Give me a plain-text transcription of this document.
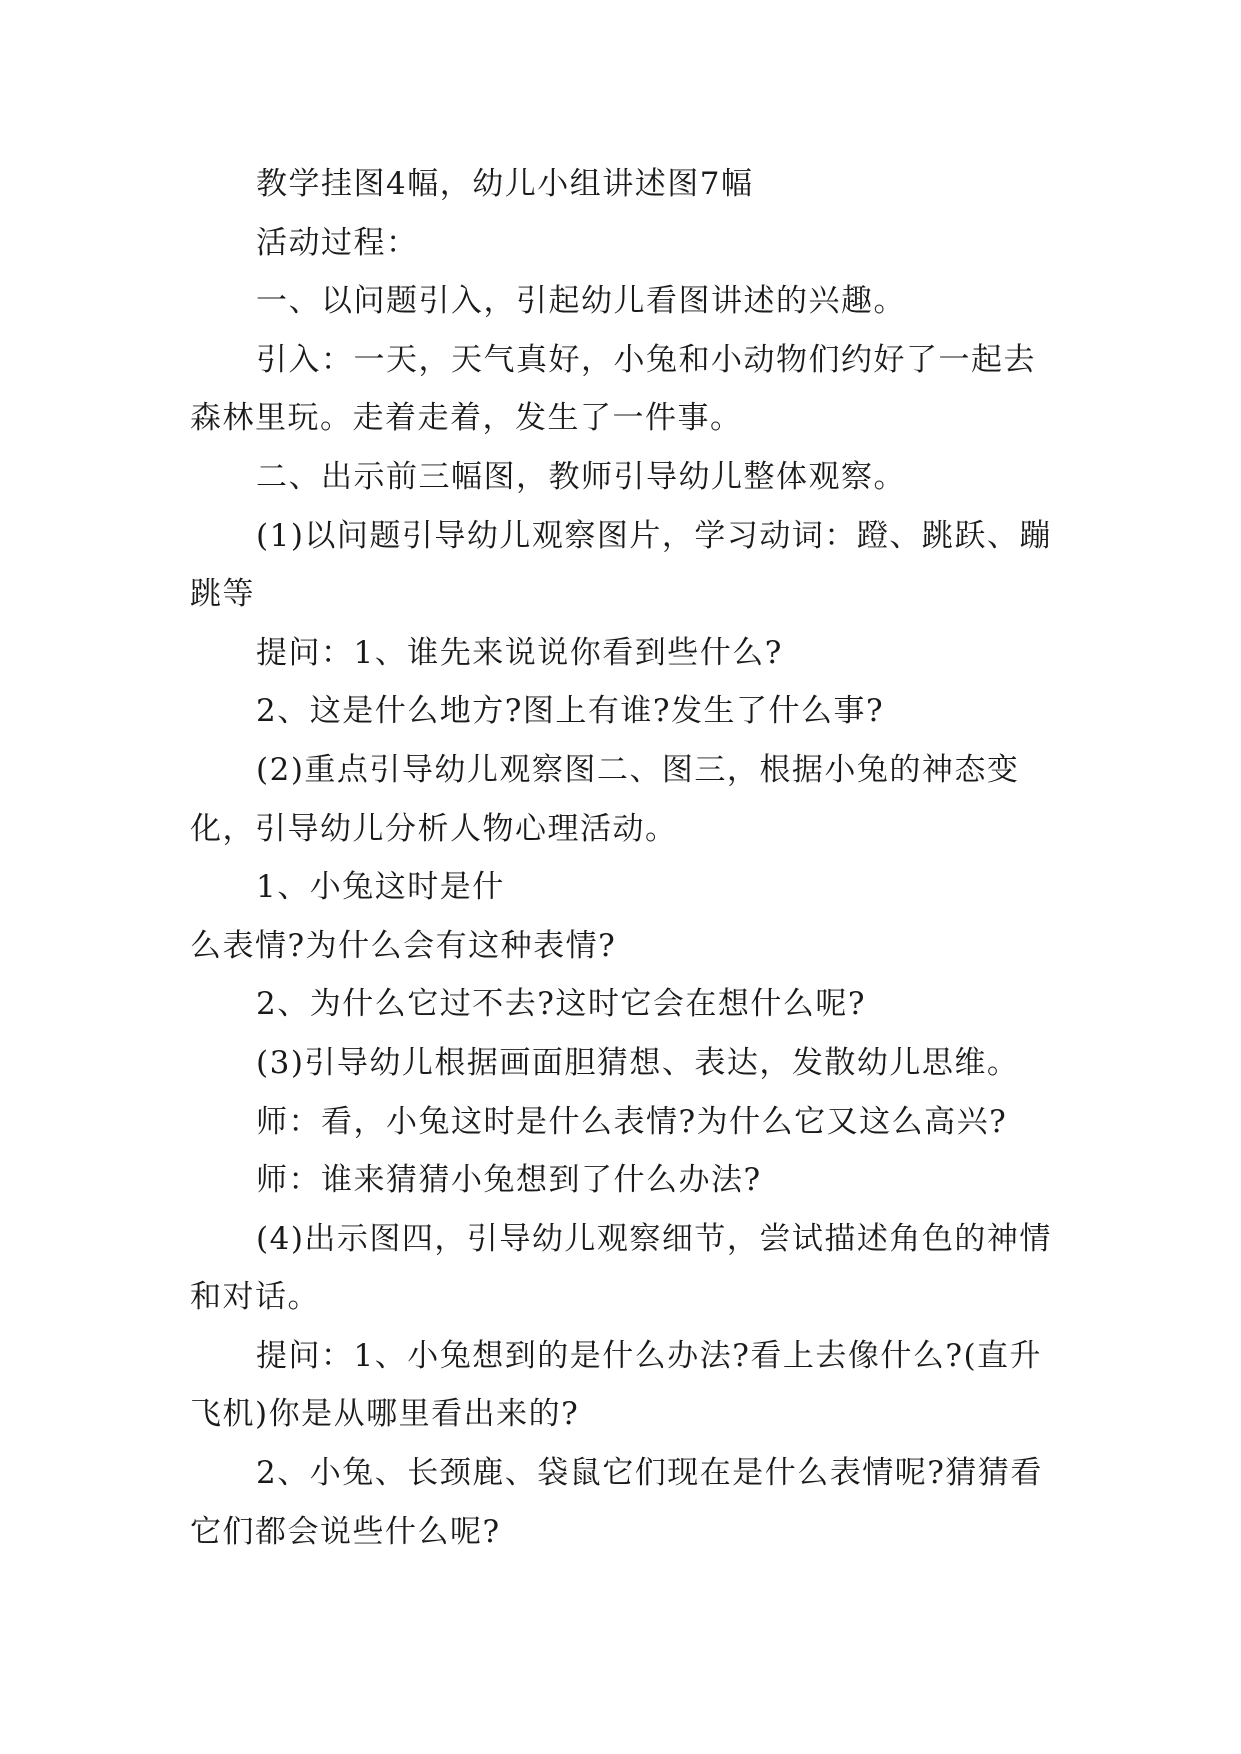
教学挂图4幅，幼儿小组讲述图7幅

活动过程：

一、以问题引入，引起幼儿看图讲述的兴趣。

引入：一天，天气真好，小兔和小动物们约好了一起去森林里玩。走着走着，发生了一件事。

二、出示前三幅图，教师引导幼儿整体观察。

(1)以问题引导幼儿观察图片，学习动词：蹬、跳跃、蹦跳等

提问：1、谁先来说说你看到些什么?

2、这是什么地方?图上有谁?发生了什么事?

(2)重点引导幼儿观察图二、图三，根据小兔的神态变化，引导幼儿分析人物心理活动。

1、小兔这时是什

么表情?为什么会有这种表情?

2、为什么它过不去?这时它会在想什么呢?

(3)引导幼儿根据画面胆猜想、表达，发散幼儿思维。

师：看，小兔这时是什么表情?为什么它又这么高兴?

师：谁来猜猜小兔想到了什么办法?

(4)出示图四，引导幼儿观察细节，尝试描述角色的神情和对话。

提问：1、小兔想到的是什么办法?看上去像什么?(直升飞机)你是从哪里看出来的?

2、小兔、长颈鹿、袋鼠它们现在是什么表情呢?猜猜看它们都会说些什么呢?
